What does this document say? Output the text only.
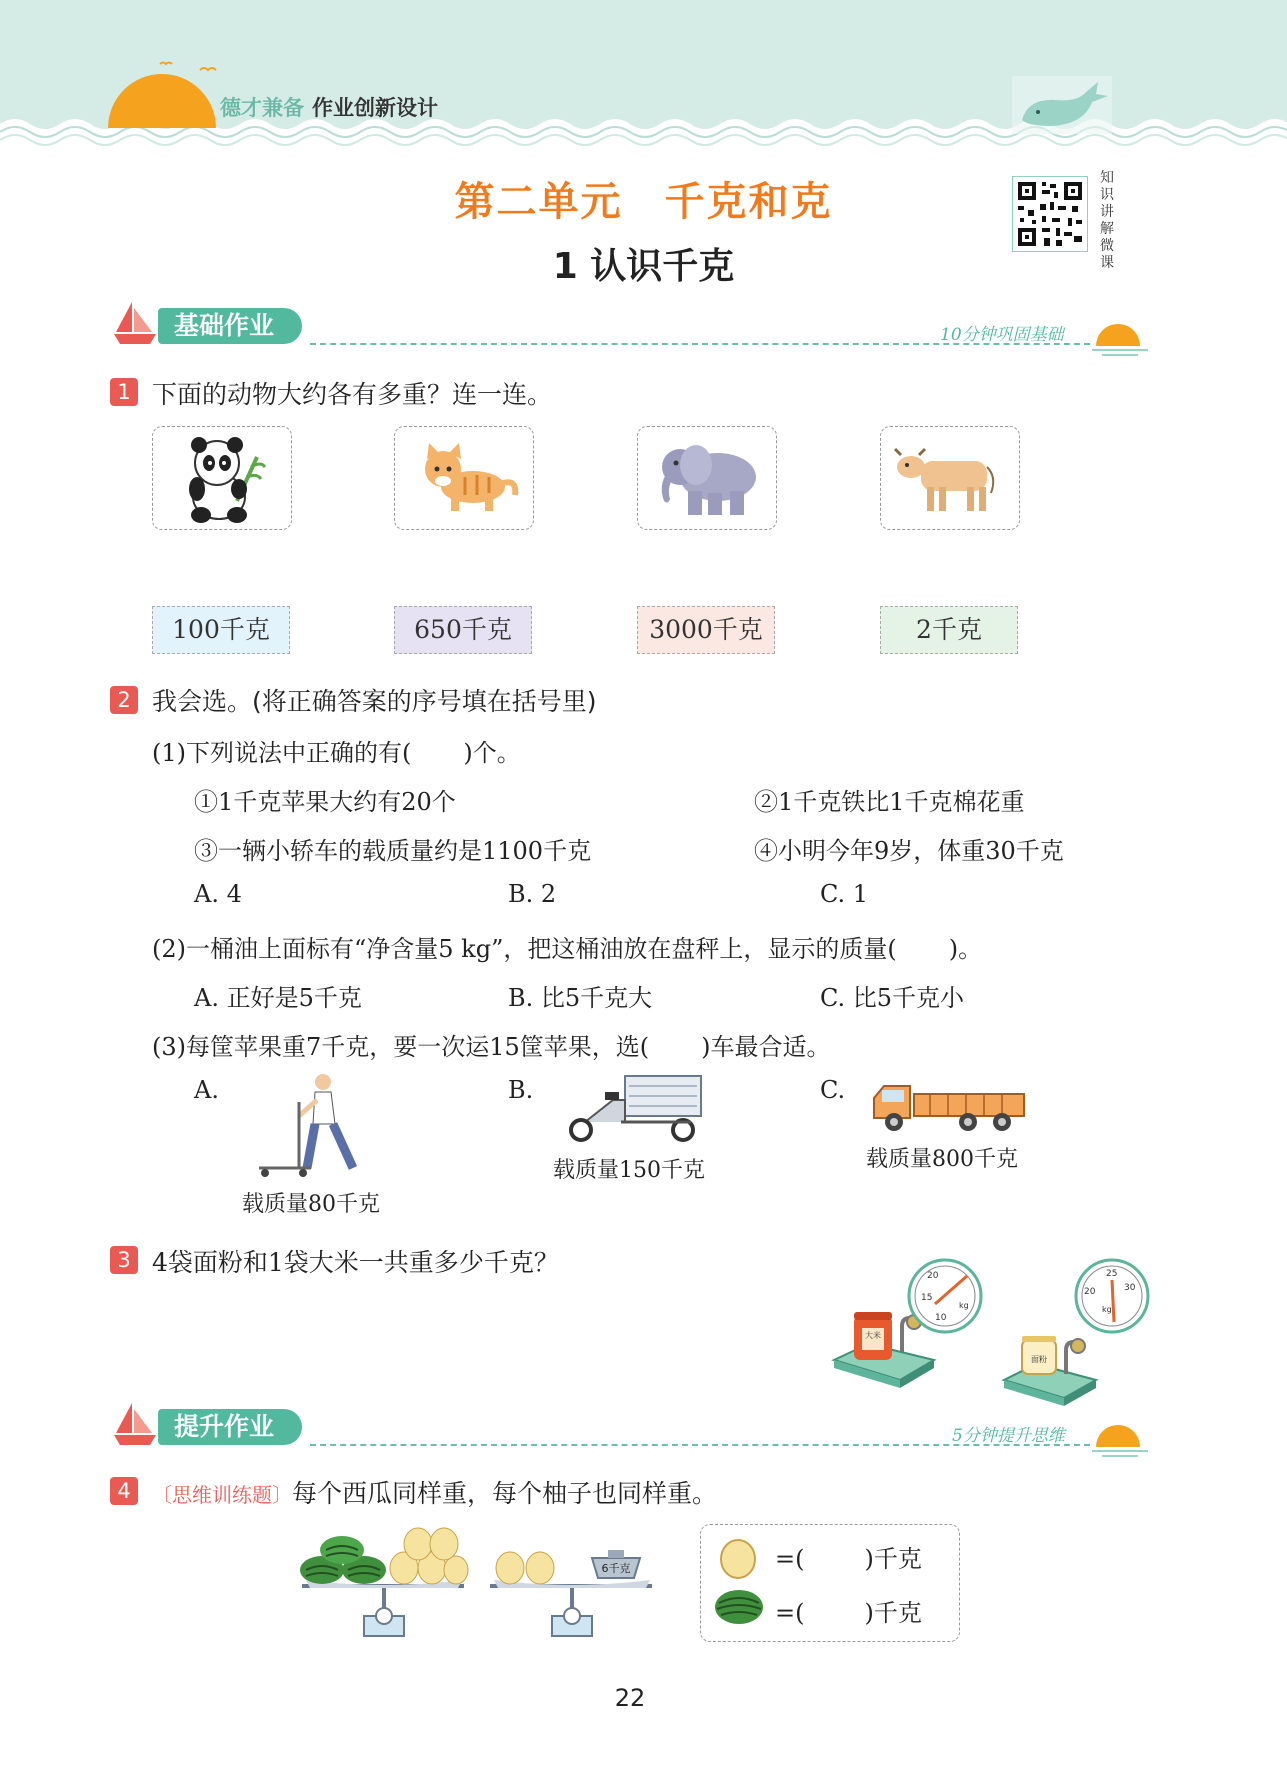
德才兼备 作业创新设计
第二单元　千克和克
1 认识千克
知识讲解微课
基础作业	10分钟巩固基础
1 下面的动物大约各有多重？连一连。
100千克	650千克	3000千克	2千克
2 我会选。(将正确答案的序号填在括号里)
(1)下列说法中正确的有( )个。
①1千克苹果大约有20个	②1千克铁比1千克棉花重
③一辆小轿车的载质量约是1100千克	④小明今年9岁，体重30千克
A. 4	B. 2	C. 1
(2)一桶油上面标有“净含量5 kg”，把这桶油放在盘秤上，显示的质量( )。
A. 正好是5千克	B. 比5千克大	C. 比5千克小
(3)每筐苹果重7千克，要一次运15筐苹果，选( )车最合适。
A.
载质量80千克
B.
载质量150千克
C.
载质量800千克
3 4袋面粉和1袋大米一共重多少千克？
大米
20
15
10
kg
面粉
25
20	30
kg
提升作业	5分钟提升思维
4	〔思维训练题〕每个西瓜同样重，每个柚子也同样重。
6千克	=(	)千克
=(	)千克
22
